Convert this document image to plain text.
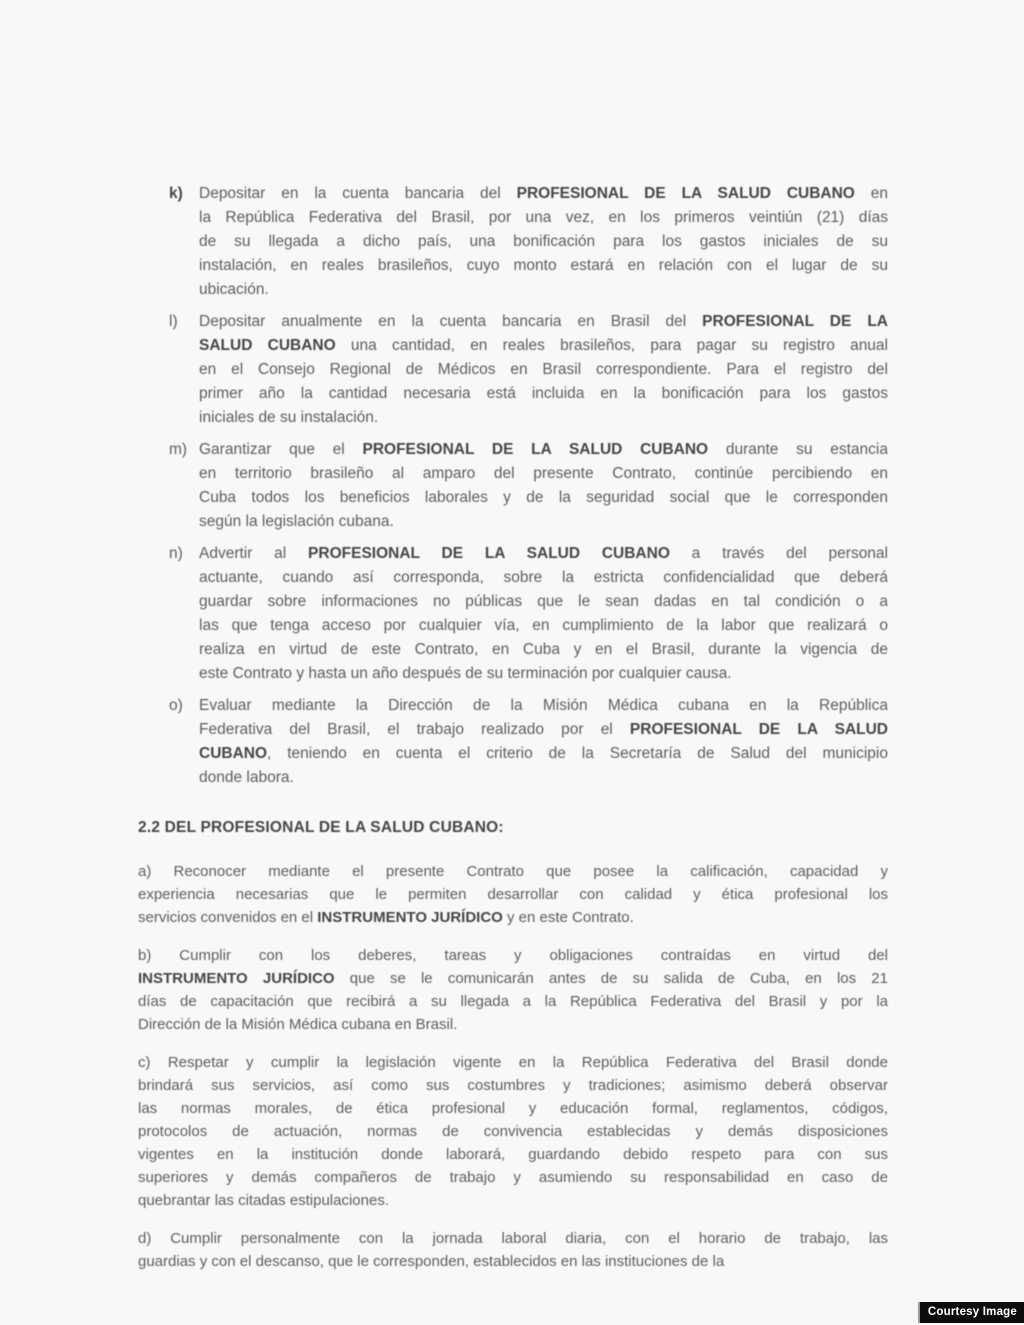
k)	Depositar en la cuenta bancaria del PROFESIONAL DE LA SALUD CUBANO en
la República Federativa del Brasil, por una vez, en los primeros veintiún (21) días
de su llegada a dicho país, una bonificación para los gastos iniciales de su
instalación, en reales brasileños, cuyo monto estará en relación con el lugar de su
ubicación.
l)	Depositar anualmente en la cuenta bancaria en Brasil del PROFESIONAL DE LA
SALUD CUBANO una cantidad, en reales brasileños, para pagar su registro anual
en el Consejo Regional de Médicos en Brasil correspondiente. Para el registro del
primer año la cantidad necesaria está incluida en la bonificación para los gastos
iniciales de su instalación.
m) Garantizar que el PROFESIONAL DE LA SALUD CUBANO durante su estancia
en territorio brasileño al amparo del presente Contrato, continúe percibiendo en
Cuba todos los beneficios laborales y de la seguridad social que le corresponden
según la legislación cubana.
n)	Advertir al PROFESIONAL DE LA SALUD CUBANO a través del personal
actuante, cuando así corresponda, sobre la estricta confidencialidad que deberá
guardar sobre informaciones no públicas que le sean dadas en tal condición o a
las que tenga acceso por cualquier vía, en cumplimiento de la labor que realizará o
realiza en virtud de este Contrato, en Cuba y en el Brasil, durante la vigencia de
este Contrato y hasta un año después de su terminación por cualquier causa.
o)	Evaluar mediante la Dirección de la Misión Médica cubana en la República
Federativa del Brasil, el trabajo realizado por el PROFESIONAL DE LA SALUD
CUBANO, teniendo en cuenta el criterio de la Secretaría de Salud del municipio
donde labora.
2.2 DEL PROFESIONAL DE LA SALUD CUBANO:
a) Reconocer mediante el presente Contrato que posee la calificación, capacidad y
experiencia necesarias que le permiten desarrollar con calidad y ética profesional los
servicios convenidos en el INSTRUMENTO JURÍDICO y en este Contrato.
b) Cumplir con los deberes, tareas y obligaciones contraídas en virtud del
INSTRUMENTO JURÍDICO que se le comunicarán antes de su salida de Cuba, en los 21
días de capacitación que recibirá a su llegada a la República Federativa del Brasil y por la
Dirección de la Misión Médica cubana en Brasil.
c) Respetar y cumplir la legislación vigente en la República Federativa del Brasil donde
brindará sus servicios, así como sus costumbres y tradiciones; asimismo deberá observar
las normas morales, de ética profesional y educación formal, reglamentos, códigos,
protocolos de actuación, normas de convivencia establecidas y demás disposiciones
vigentes en la institución donde laborará, guardando debido respeto para con sus
superiores y demás compañeros de trabajo y asumiendo su responsabilidad en caso de
quebrantar las citadas estipulaciones.
d) Cumplir personalmente con la jornada laboral diaria, con el horario de trabajo, las
guardias y con el descanso, que le corresponden, establecidos en las instituciones de la
Courtesy Image
